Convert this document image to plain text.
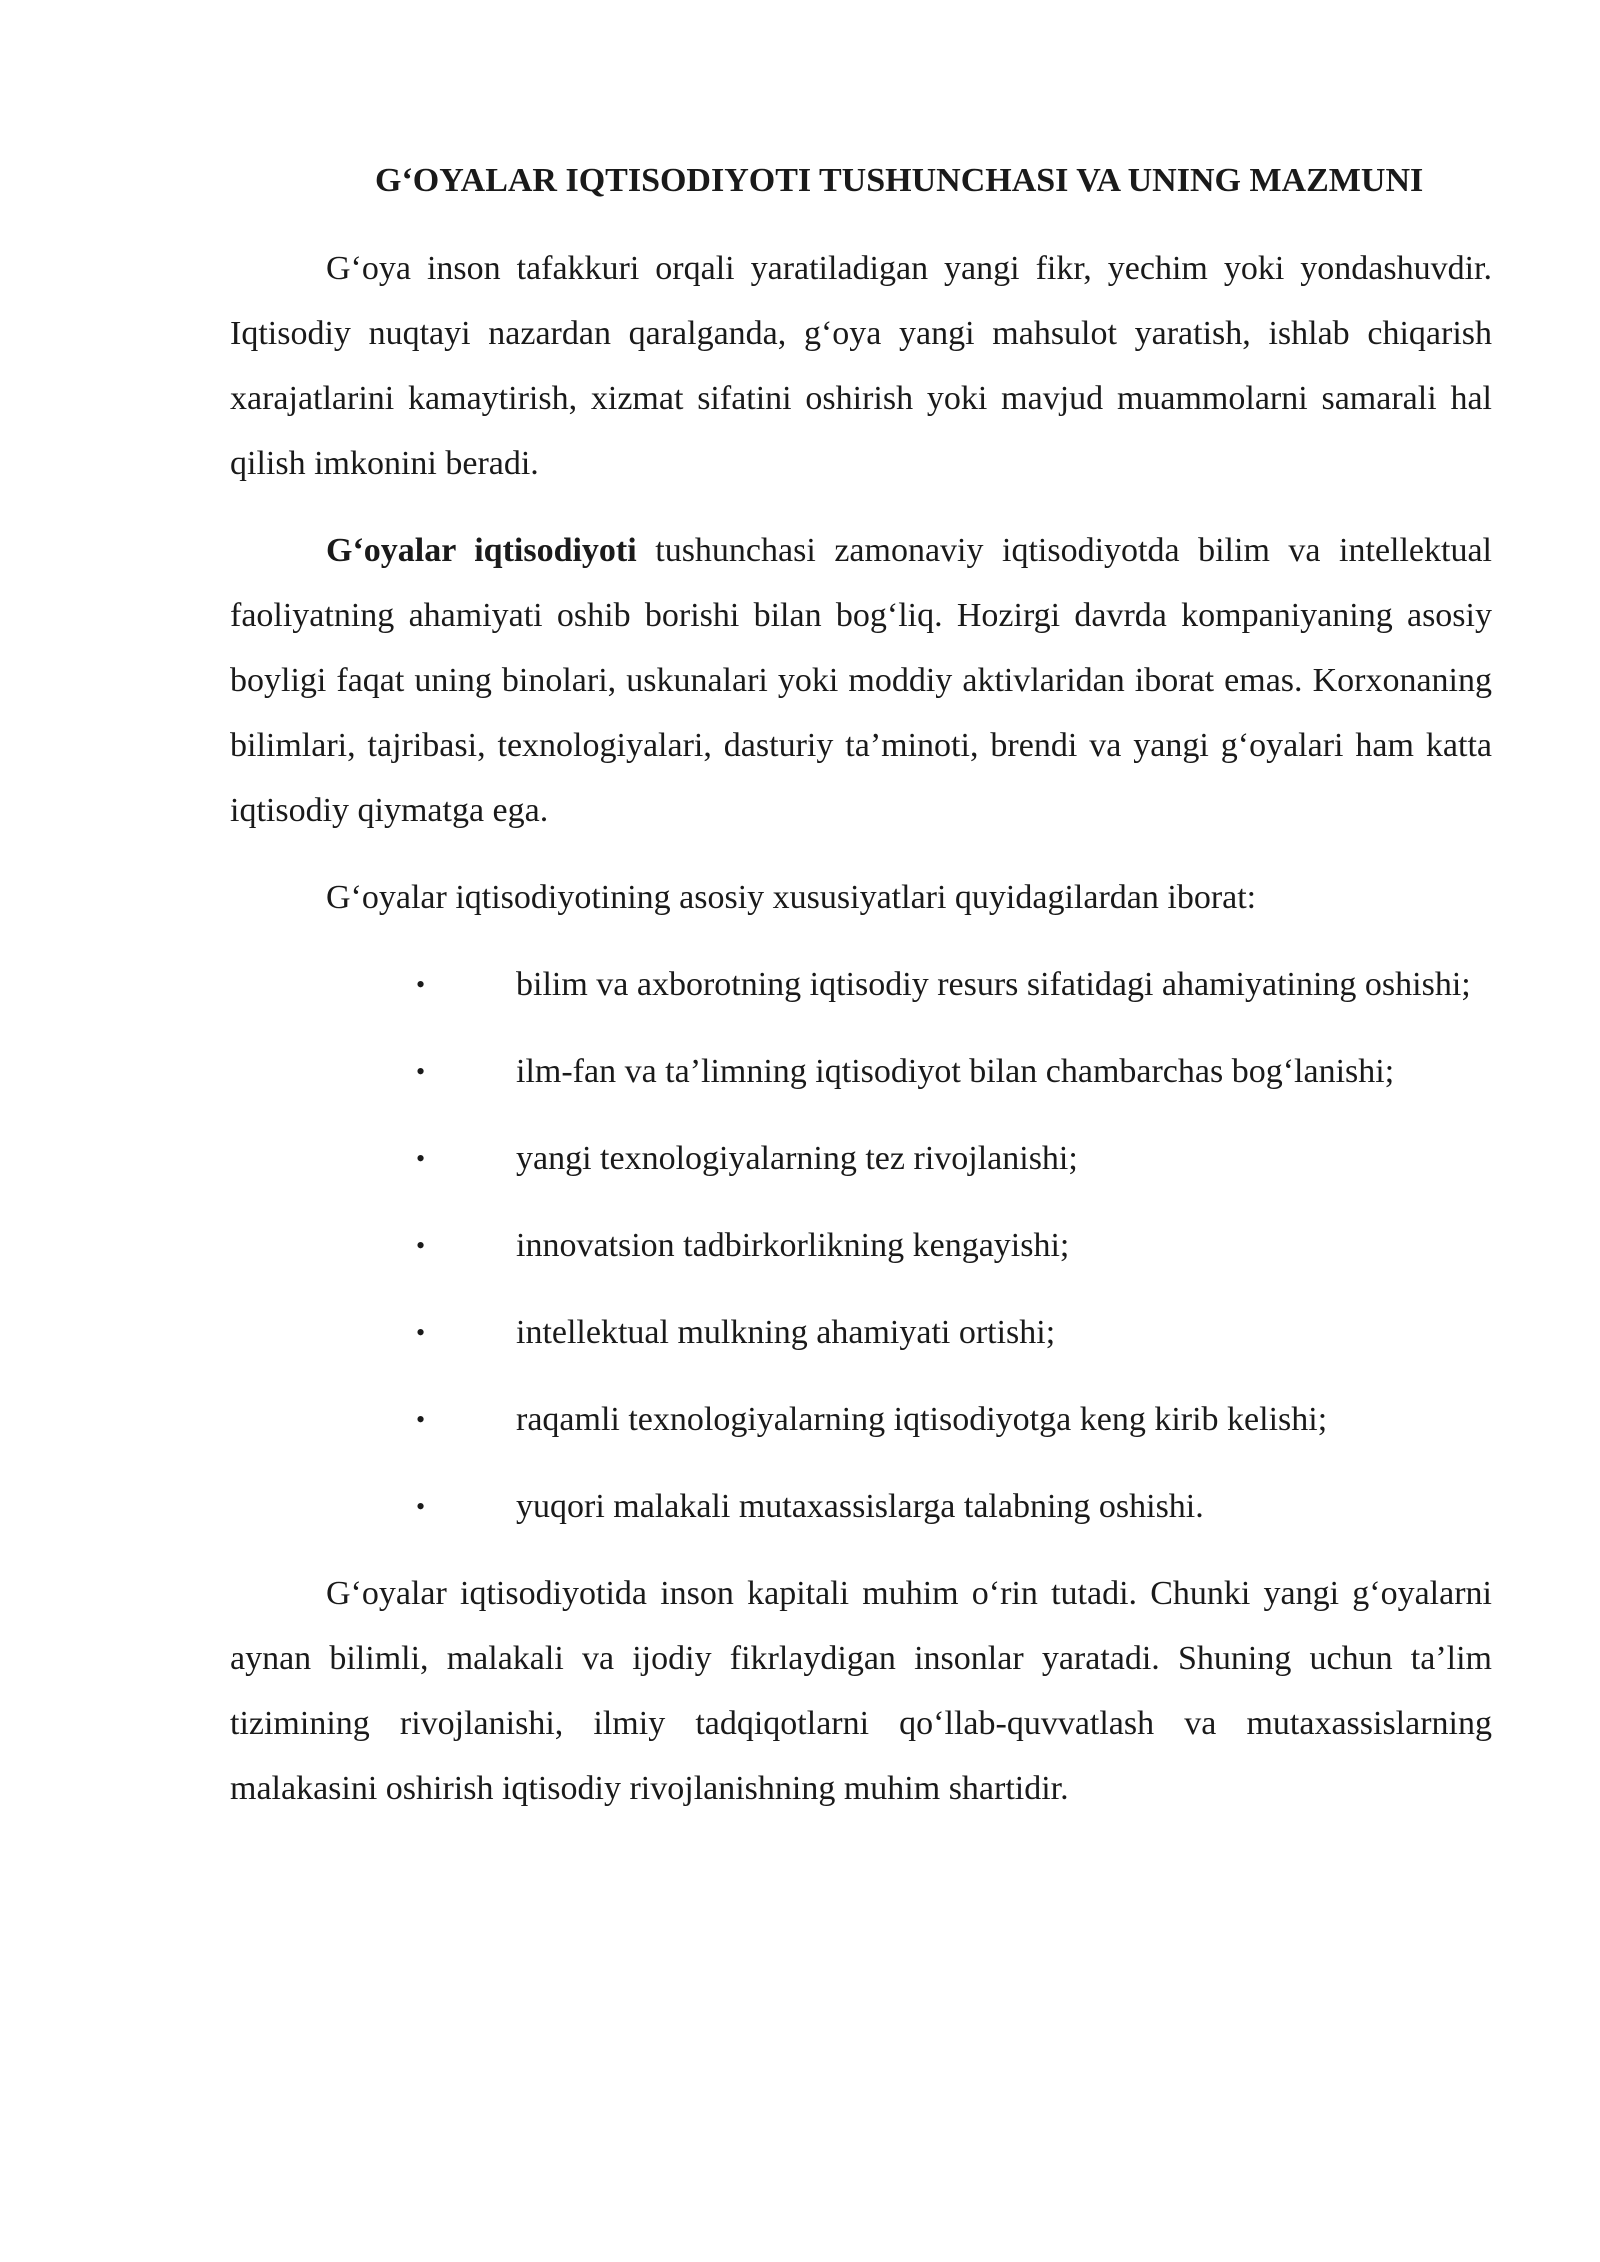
G‘OYALAR IQTISODIYOTI TUSHUNCHASI VA UNING MAZMUNI

G‘oya inson tafakkuri orqali yaratiladigan yangi fikr, yechim yoki yondashuvdir. Iqtisodiy nuqtayi nazardan qaralganda, g‘oya yangi mahsulot yaratish, ishlab chiqarish xarajatlarini kamaytirish, xizmat sifatini oshirish yoki mavjud muammolarni samarali hal qilish imkonini beradi.

G‘oyalar iqtisodiyoti tushunchasi zamonaviy iqtisodiyotda bilim va intellektual faoliyatning ahamiyati oshib borishi bilan bog‘liq. Hozirgi davrda kompaniyaning asosiy boyligi faqat uning binolari, uskunalari yoki moddiy aktivlaridan iborat emas. Korxonaning bilimlari, tajribasi, texnologiyalari, dasturiy ta’minoti, brendi va yangi g‘oyalari ham katta iqtisodiy qiymatga ega.

G‘oyalar iqtisodiyotining asosiy xususiyatlari quyidagilardan iborat:

•	bilim va axborotning iqtisodiy resurs sifatidagi ahamiyatining oshishi;
•	ilm-fan va ta’limning iqtisodiyot bilan chambarchas bog‘lanishi;
•	yangi texnologiyalarning tez rivojlanishi;
•	innovatsion tadbirkorlikning kengayishi;
•	intellektual mulkning ahamiyati ortishi;
•	raqamli texnologiyalarning iqtisodiyotga keng kirib kelishi;
•	yuqori malakali mutaxassislarga talabning oshishi.

G‘oyalar iqtisodiyotida inson kapitali muhim o‘rin tutadi. Chunki yangi g‘oyalarni aynan bilimli, malakali va ijodiy fikrlaydigan insonlar yaratadi. Shuning uchun ta’lim tizimining rivojlanishi, ilmiy tadqiqotlarni qo‘llab-quvvatlash va mutaxassislarning malakasini oshirish iqtisodiy rivojlanishning muhim shartidir.
